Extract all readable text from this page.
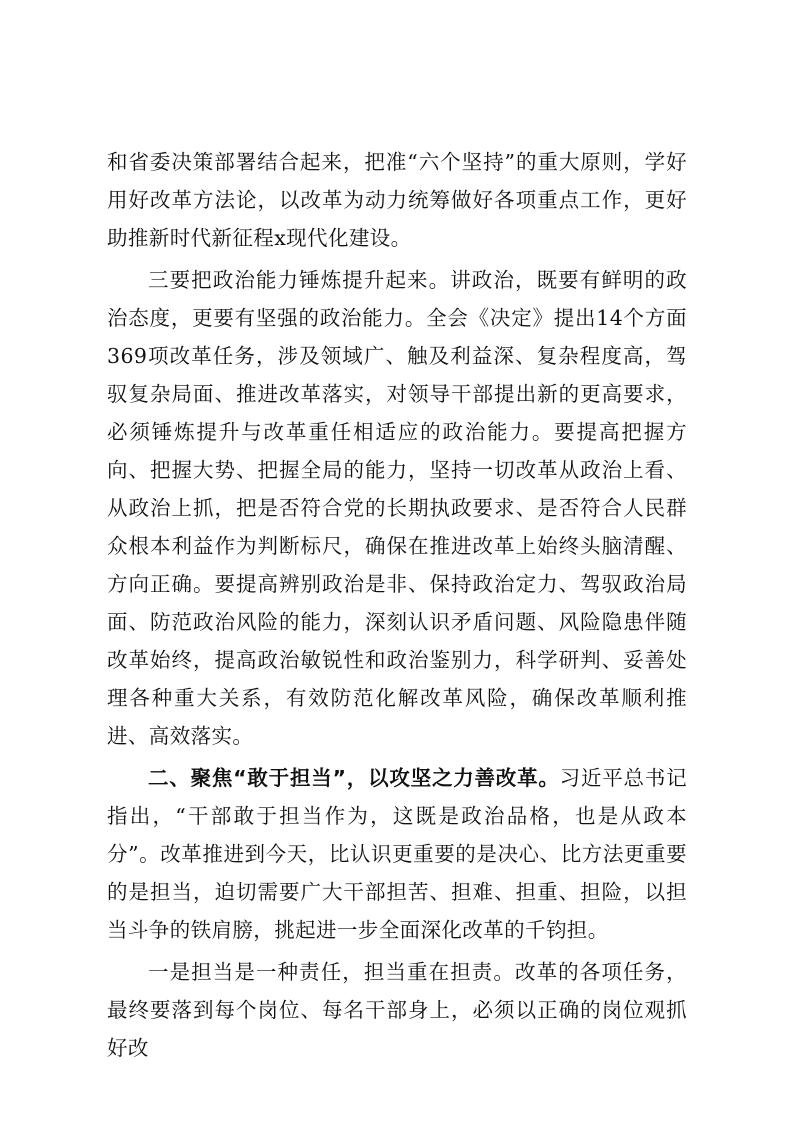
和省委决策部署结合起来，把准“六个坚持”的重大原则，学好用好改革方法论，以改革为动力统筹做好各项重点工作，更好助推新时代新征程x现代化建设。

三要把政治能力锤炼提升起来。讲政治，既要有鲜明的政治态度，更要有坚强的政治能力。全会《决定》提出14个方面369项改革任务，涉及领域广、触及利益深、复杂程度高，驾驭复杂局面、推进改革落实，对领导干部提出新的更高要求，必须锤炼提升与改革重任相适应的政治能力。要提高把握方向、把握大势、把握全局的能力，坚持一切改革从政治上看、从政治上抓，把是否符合党的长期执政要求、是否符合人民群众根本利益作为判断标尺，确保在推进改革上始终头脑清醒、方向正确。要提高辨别政治是非、保持政治定力、驾驭政治局面、防范政治风险的能力，深刻认识矛盾问题、风险隐患伴随改革始终，提高政治敏锐性和政治鉴别力，科学研判、妥善处理各种重大关系，有效防范化解改革风险，确保改革顺利推进、高效落实。

二、聚焦“敢于担当”，以攻坚之力善改革。习近平总书记指出，“干部敢于担当作为，这既是政治品格，也是从政本分”。改革推进到今天，比认识更重要的是决心、比方法更重要的是担当，迫切需要广大干部担苦、担难、担重、担险，以担当斗争的铁肩膀，挑起进一步全面深化改革的千钧担。

一是担当是一种责任，担当重在担责。改革的各项任务，最终要落到每个岗位、每名干部身上，必须以正确的岗位观抓好改
